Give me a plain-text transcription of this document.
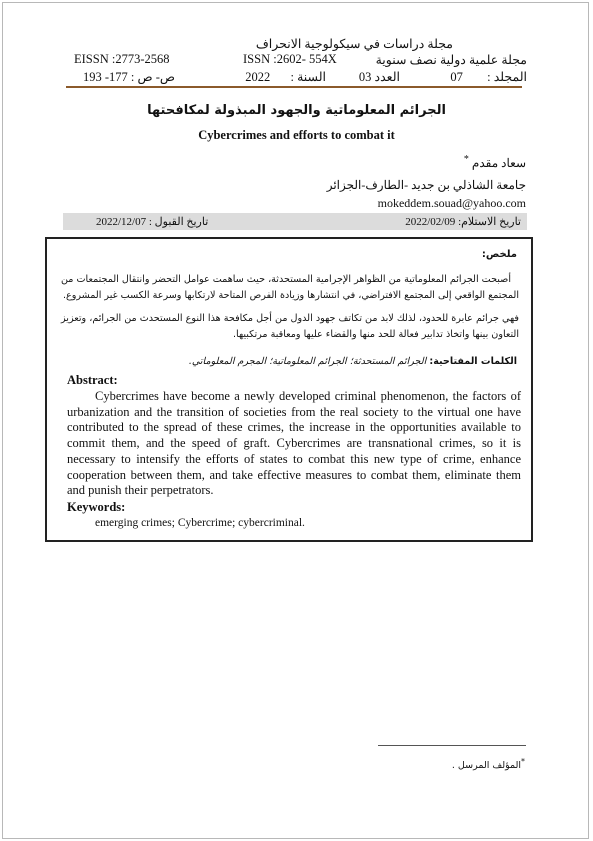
مجلة دراسات في سيكولوجية الانحراف
مجلة علمية دولية نصف سنوية
ISSN :2602- 554X
EISSN :2773-2568
المجلد :  07
العدد 03
السنة :  2022
ص- ص : 177- 193
الجرائم المعلوماتية والجهود المبذولة لمكافحتها
Cybercrimes and efforts to combat it
سعاد مقدم *
جامعة الشاذلي بن جديد -الطارف-الجزائر
mokeddem.souad@yahoo.com
تاريخ الاستلام: 2022/02/09
تاريخ القبول : 2022/12/07
ملخص:
أصبحت الجرائم المعلوماتية من الظواهر الإجرامية المستحدثة، حيث ساهمت عوامل التحضر وانتقال المجتمعات من المجتمع الواقعي إلى المجتمع الافتراضي، في انتشارها وزيادة الفرص المتاحة لارتكابها وسرعة الكسب غير المشروع.
فهي جرائم عابرة للحدود، لذلك لابد من تكاتف جهود الدول من أجل مكافحة هذا النوع المستحدث من الجرائم، وتعزيز التعاون بينها واتخاذ تدابير فعالة للحد منها والقضاء عليها ومعاقبة مرتكبيها.
الكلمات المفتاحية: الجرائم المستحدثة؛ الجرائم المعلوماتية؛ المجرم المعلوماتي.
Abstract:
Cybercrimes have become a newly developed criminal phenomenon, the factors of urbanization and the transition of societies from the real society to the virtual one have contributed to the spread of these crimes, the increase in the opportunities available to commit them, and the speed of graft. Cybercrimes are transnational crimes, so it is necessary to intensify the efforts of states to combat this new type of crime, enhance cooperation between them, and take effective measures to combat them, eliminate them and punish their perpetrators.
Keywords:
emerging crimes; Cybercrime; cybercriminal.
*المؤلف المرسل .
